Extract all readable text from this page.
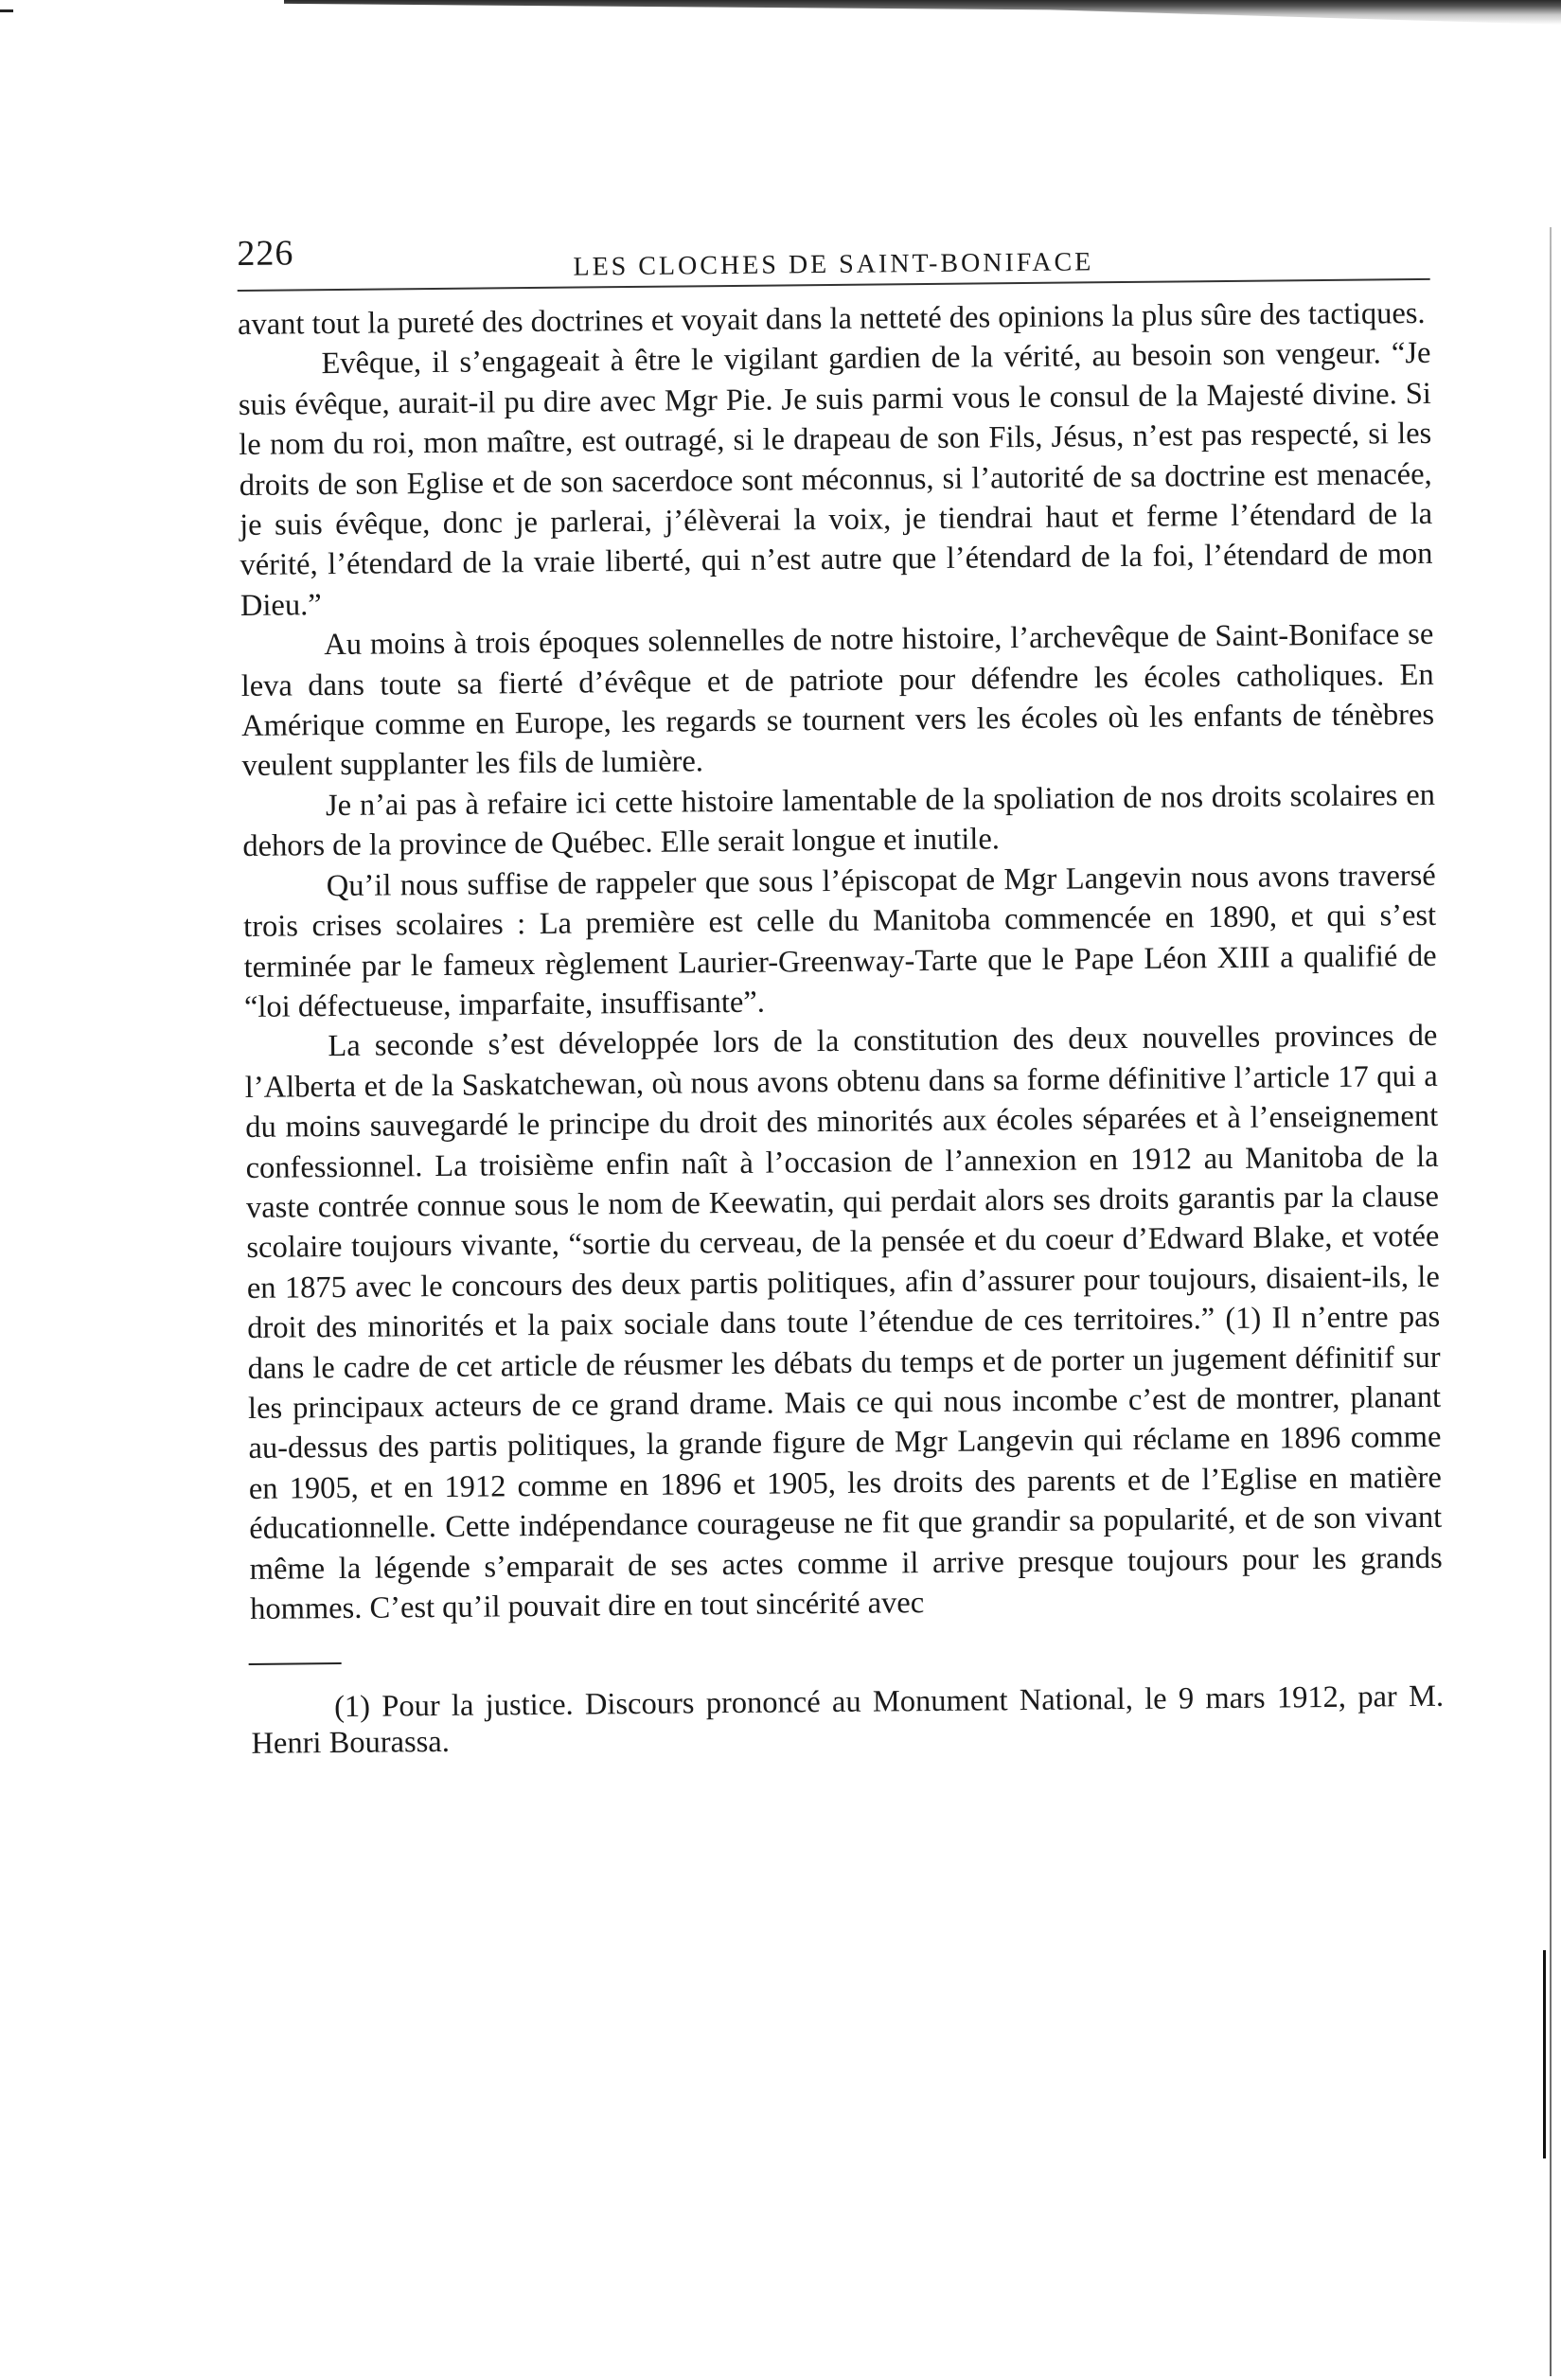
226	LES CLOCHES DE SAINT-BONIFACE

avant tout la pureté des doctrines et voyait dans la netteté des opinions la plus sûre des tactiques.

Evêque, il s’engageait à être le vigilant gardien de la vérité, au besoin son vengeur. “Je suis évêque, aurait-il pu dire avec Mgr Pie. Je suis parmi vous le consul de la Majesté divine. Si le nom du roi, mon maître, est outragé, si le drapeau de son Fils, Jésus, n’est pas respecté, si les droits de son Eglise et de son sacerdoce sont méconnus, si l’autorité de sa doctrine est menacée, je suis évêque, donc je parlerai, j’élèverai la voix, je tiendrai haut et ferme l’étendard de la vérité, l’étendard de la vraie liberté, qui n’est autre que l’étendard de la foi, l’étendard de mon Dieu.”

Au moins à trois époques solennelles de notre histoire, l’archevêque de Saint-Boniface se leva dans toute sa fierté d’évêque et de patriote pour défendre les écoles catholiques. En Amérique comme en Europe, les regards se tournent vers les écoles où les enfants de ténèbres veulent supplanter les fils de lumière.

Je n’ai pas à refaire ici cette histoire lamentable de la spoliation de nos droits scolaires en dehors de la province de Québec. Elle serait longue et inutile.

Qu’il nous suffise de rappeler que sous l’épiscopat de Mgr Langevin nous avons traversé trois crises scolaires : La première est celle du Manitoba commencée en 1890, et qui s’est terminée par le fameux règlement Laurier-Greenway-Tarte que le Pape Léon XIII a qualifié de “loi défectueuse, imparfaite, insuffisante”.

La seconde s’est développée lors de la constitution des deux nouvelles provinces de l’Alberta et de la Saskatchewan, où nous avons obtenu dans sa forme définitive l’article 17 qui a du moins sauvegardé le principe du droit des minorités aux écoles séparées et à l’enseignement confessionnel. La troisième enfin naît à l’occasion de l’annexion en 1912 au Manitoba de la vaste contrée connue sous le nom de Keewatin, qui perdait alors ses droits garantis par la clause scolaire toujours vivante, “sortie du cerveau, de la pensée et du coeur d’Edward Blake, et votée en 1875 avec le concours des deux partis politiques, afin d’assurer pour toujours, disaient-ils, le droit des minorités et la paix sociale dans toute l’étendue de ces territoires.” (1) Il n’entre pas dans le cadre de cet article de réusmer les débats du temps et de porter un jugement définitif sur les principaux acteurs de ce grand drame. Mais ce qui nous incombe c’est de montrer, planant au-dessus des partis politiques, la grande figure de Mgr Langevin qui réclame en 1896 comme en 1905, et en 1912 comme en 1896 et 1905, les droits des parents et de l’Eglise en matière éducationnelle. Cette indépendance courageuse ne fit que grandir sa popularité, et de son vivant même la légende s’emparait de ses actes comme il arrive presque toujours pour les grands hommes. C’est qu’il pouvait dire en tout sincérité avec

(1) Pour la justice. Discours prononcé au Monument National, le 9 mars 1912, par M. Henri Bourassa.
